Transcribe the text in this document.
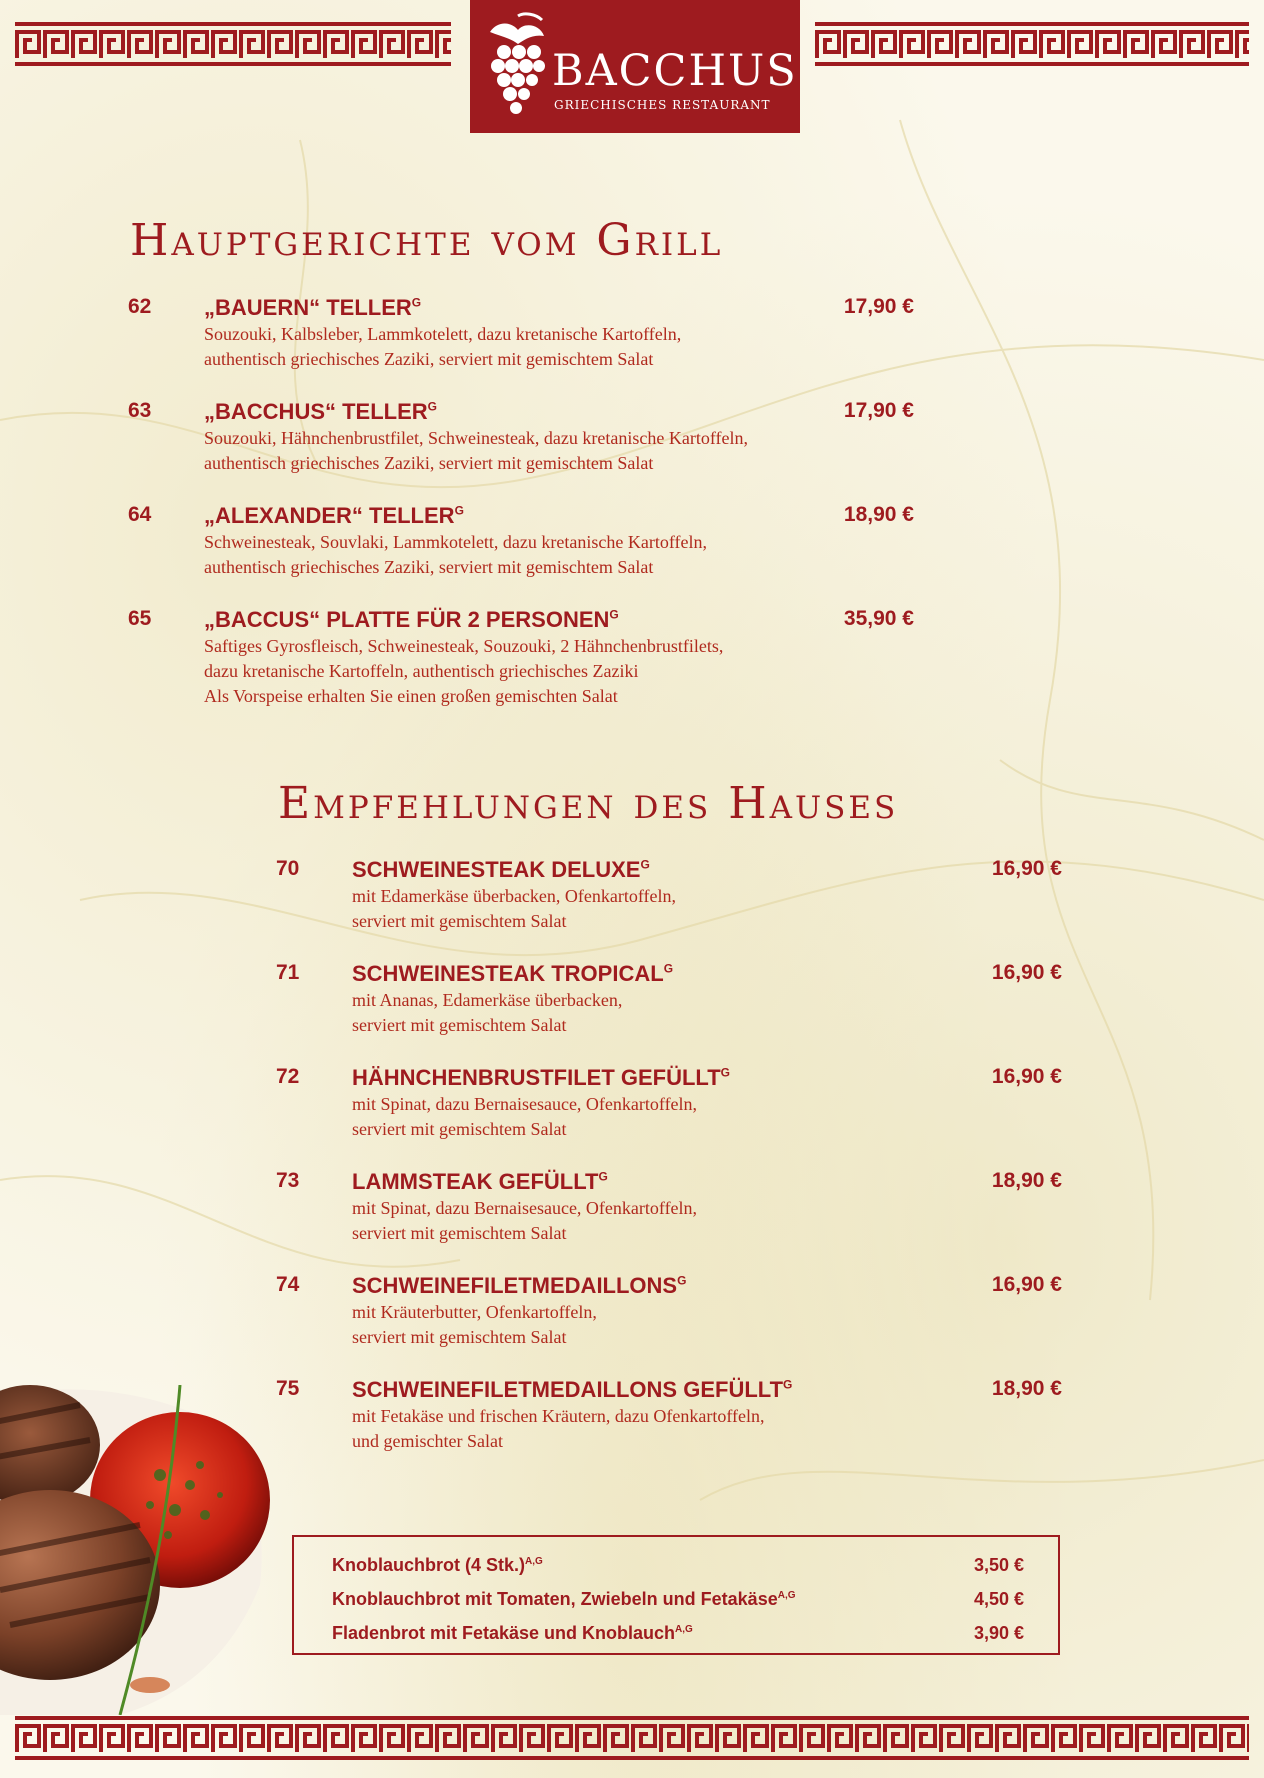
BACCHUS
GRIECHISCHES RESTAURANT
Hauptgerichte vom Grill
62 „BAUERN“ $TELLER^G$	17,90 €
Souzouki, Kalbsleber, Lammkotelett, dazu kretanische Kartoffeln,
authentisch griechisches Zaziki, serviert mit gemischtem Salat
63 „BACCHUS“ $TELLER^G$	17,90 €
Souzouki, Hähnchenbrustfilet, Schweinesteak, dazu kretanische Kartoffeln,
authentisch griechisches Zaziki, serviert mit gemischtem Salat
64 „ALEXANDER“ $TELLER^G$	18,90 €
Schweinesteak, Souvlaki, Lammkotelett, dazu kretanische Kartoffeln,
authentisch griechisches Zaziki, serviert mit gemischtem Salat
65 „BACCUS“ PLATTE FÜR 2 $PERSONEN^G$	35,90 €
Saftiges Gyrosfleisch, Schweinesteak, Souzouki, 2 Hähnchenbrustfilets,
dazu kretanische Kartoffeln, authentisch griechisches Zaziki
Als Vorspeise erhalten Sie einen großen gemischten Salat
Empfehlungen des Hauses
70 SCHWEINESTEAK $DELUXE^G$	16,90 €
mit Edamerkäse überbacken, Ofenkartoffeln,
serviert mit gemischtem Salat
71 SCHWEINESTEAK $TROPICAL^G$	16,90 €
mit Ananas, Edamerkäse überbacken,
serviert mit gemischtem Salat
72 HÄHNCHENBRUSTFILET $GEFÜLLT^G$	16,90 €
mit Spinat, dazu Bernaisesauce, Ofenkartoffeln,
serviert mit gemischtem Salat
73 LAMMSTEAK $GEFÜLLT^G$	18,90 €
mit Spinat, dazu Bernaisesauce, Ofenkartoffeln,
serviert mit gemischtem Salat
74 $SCHWEINEFILETMEDAILLONS^G$	16,90 €
mit Kräuterbutter, Ofenkartoffeln,
serviert mit gemischtem Salat
75 SCHWEINEFILETMEDAILLONS $GEFÜLLT^G$	18,90 €
mit Fetakäse und frischen Kräutern, dazu Ofenkartoffeln,
und gemischter Salat
Knoblauchbrot (4 Stk.)$^{A,G}$	3,50 €
Knoblauchbrot mit Tomaten, Zwiebeln und Fetakäse$^{A,G}$	4,50 €
Fladenbrot mit Fetakäse und Knoblauch$^{A,G}$	3,90 €
